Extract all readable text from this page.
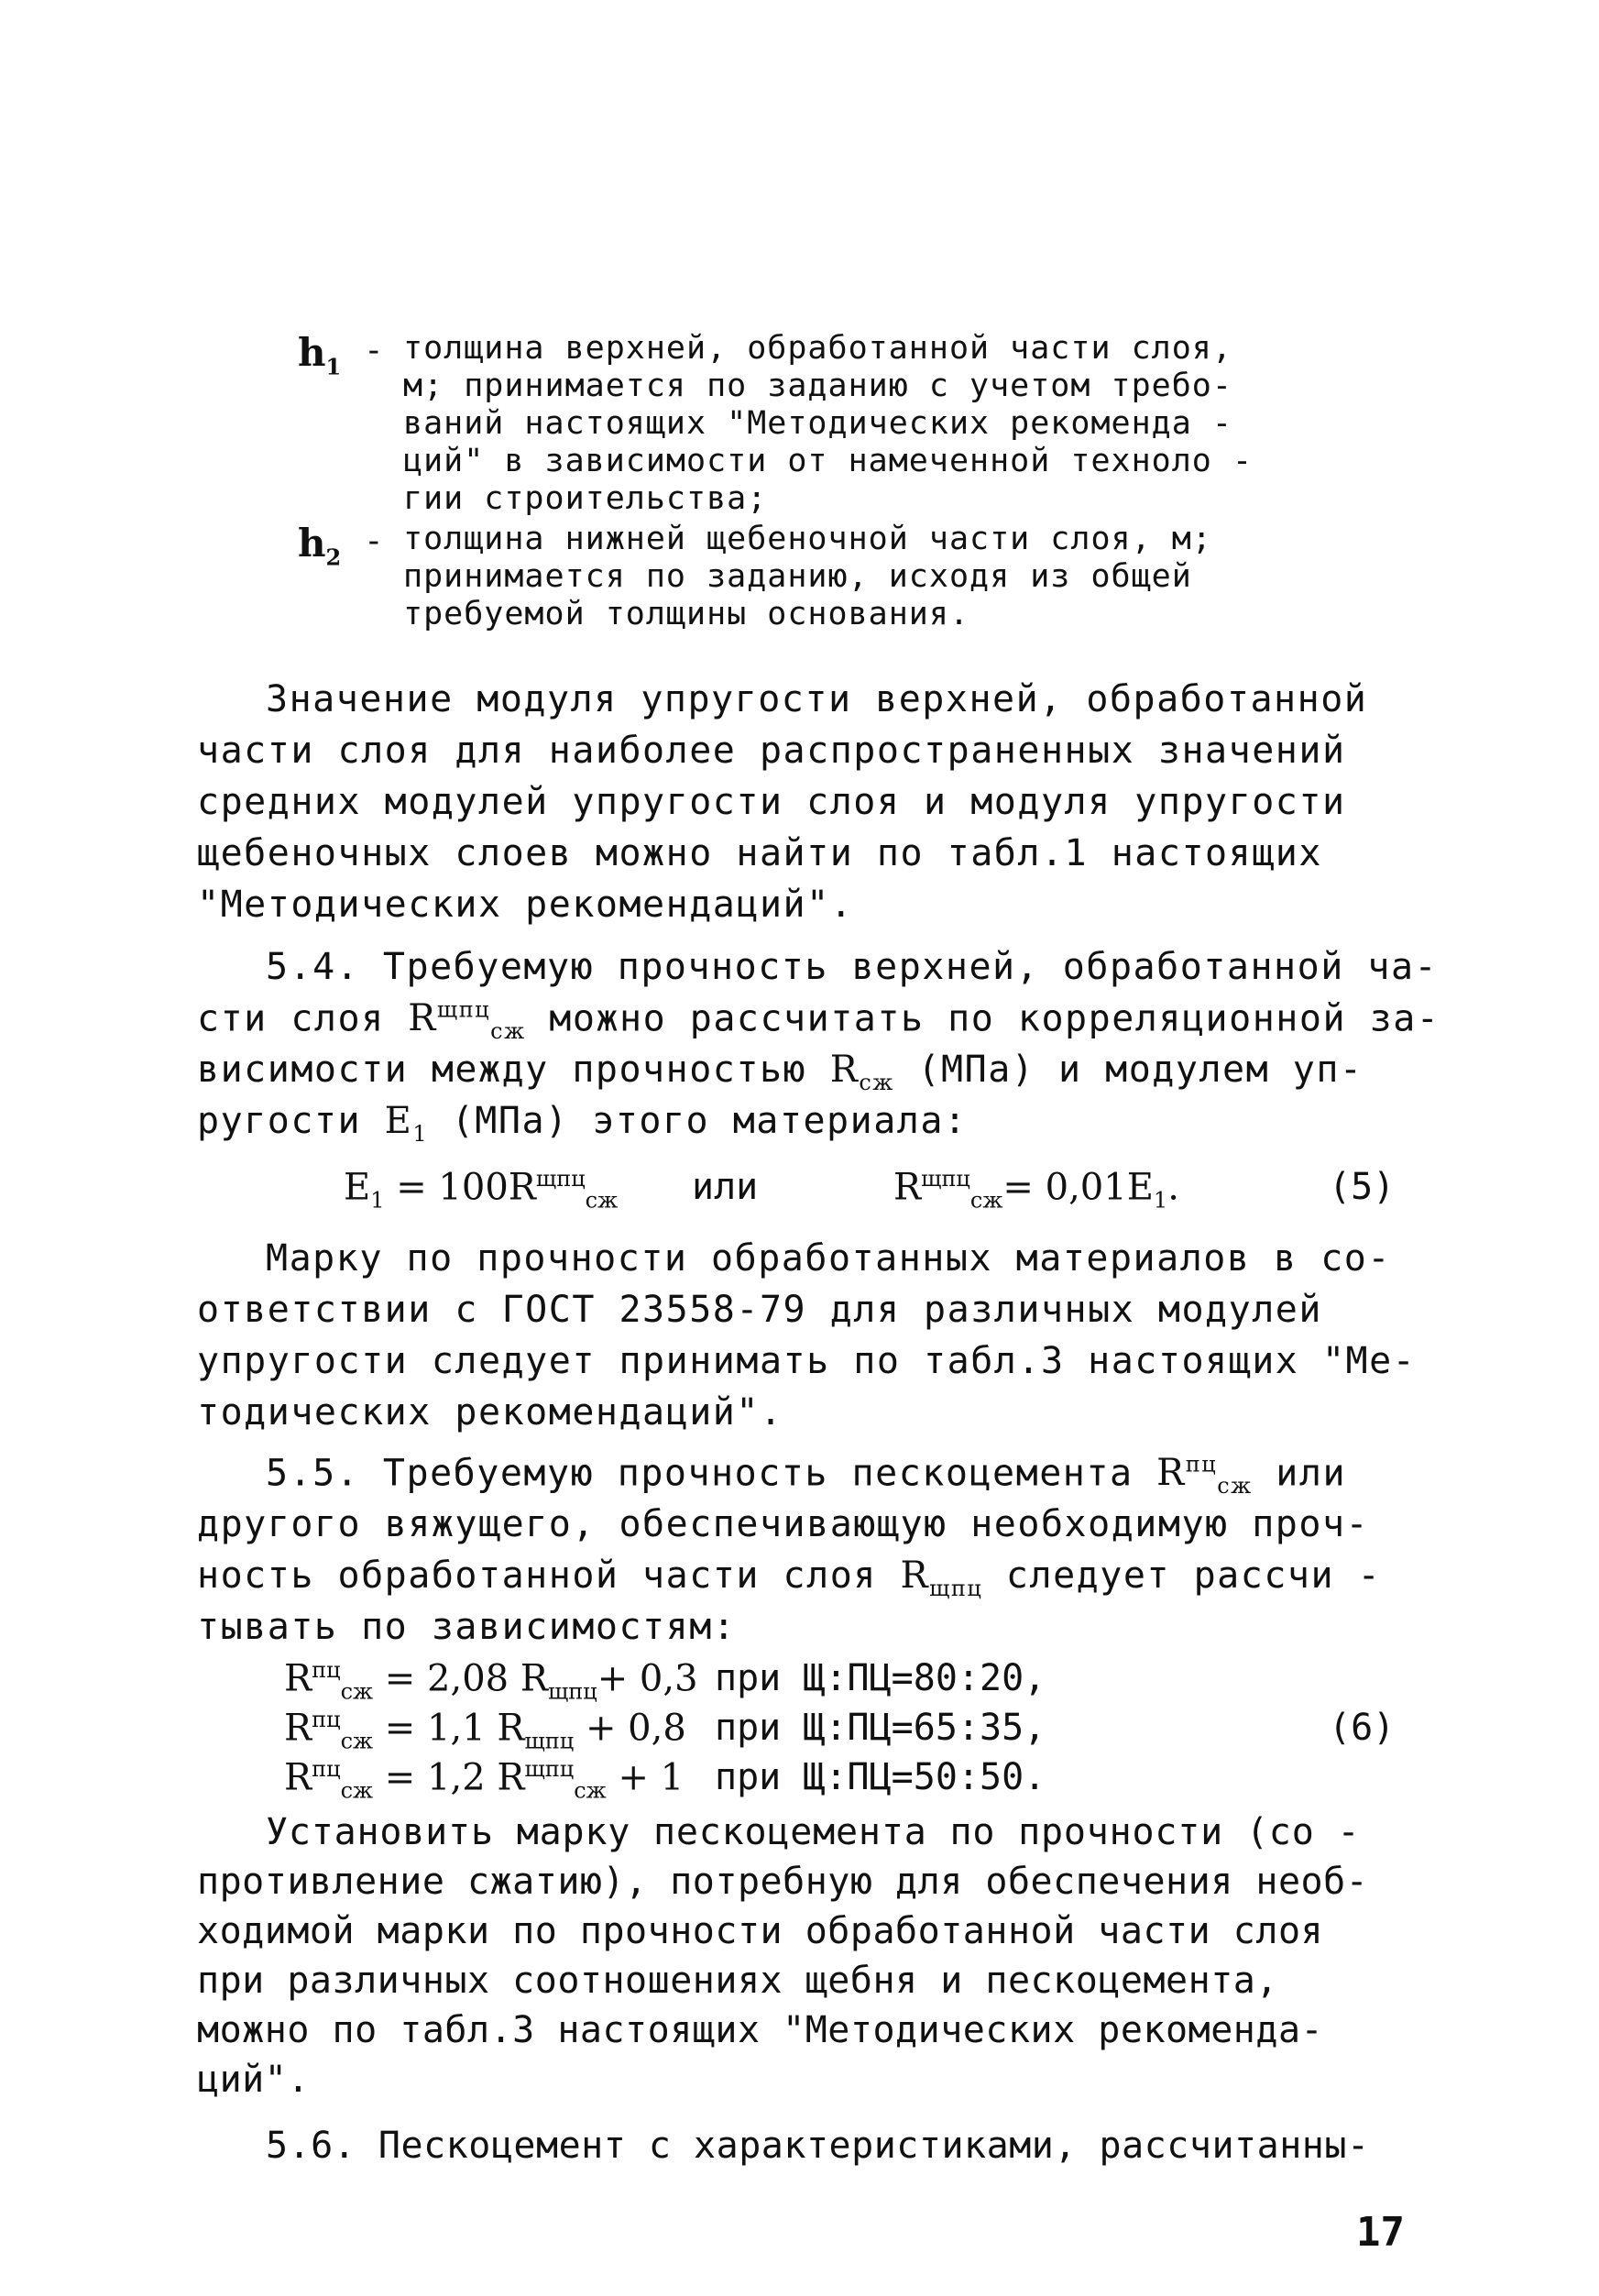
$h_1$ - толщина верхней, обработанной части слоя,
м; принимается по заданию с учетом требо-
ваний настоящих "Методических рекоменда -
ций" в зависимости от намеченной техноло -
гии строительства;
$h_2$ - толщина нижней щебеночной части слоя, м;
принимается по заданию, исходя из общей
требуемой толщины основания.
Значение модуля упругости верхней, обработанной
части слоя для наиболее распространенных значений
средних модулей упругости слоя и модуля упругости
щебеночных слоев можно найти по табл.1 настоящих
"Методических рекомендаций".
5.4. Требуемую прочность верхней, обработанной ча-
сти слоя $R^{щпц}_{сж}$ можно рассчитать по корреляционной за-
висимости между прочностью $R_{сж}$ (МПа) и модулем уп-
ругости $E_1$ (МПа) этого материала:
$E_1 = 100R^{щпц}_{сж}$ или	$R^{щпц}_{сж}= 0,01E_1$.	(5)
Марку по прочности обработанных материалов в со-
ответствии с ГОСТ 23558-79 для различных модулей
упругости следует принимать по табл.3 настоящих "Ме-
тодических рекомендаций".
5.5. Требуемую прочность пескоцемента $R^{пц}_{сж}$ или
другого вяжущего, обеспечивающую необходимую проч-
ность обработанной части слоя $R_{щпц}$ следует рассчи -
тывать по зависимостям:
$R^{пц}_{сж} = 2,08$ $R_{щпц}+ 0,3$ при Щ:ПЦ=80:20,
$R^{пц}_{сж} = 1,1$ $R_{щпц} + 0,8$ при Щ:ПЦ=65:35,
$R^{пц}_{сж} = 1,2$ $R^{щпц}_{сж} + 1$ при Щ:ПЦ=50:50.
(6)
Установить марку пескоцемента по прочности (со -
противление сжатию), потребную для обеспечения необ-
ходимой марки по прочности обработанной части слоя
при различных соотношениях щебня и пескоцемента,
можно по табл.3 настоящих "Методических рекоменда-
ций".
5.6. Пескоцемент с характеристиками, рассчитанны-
17
